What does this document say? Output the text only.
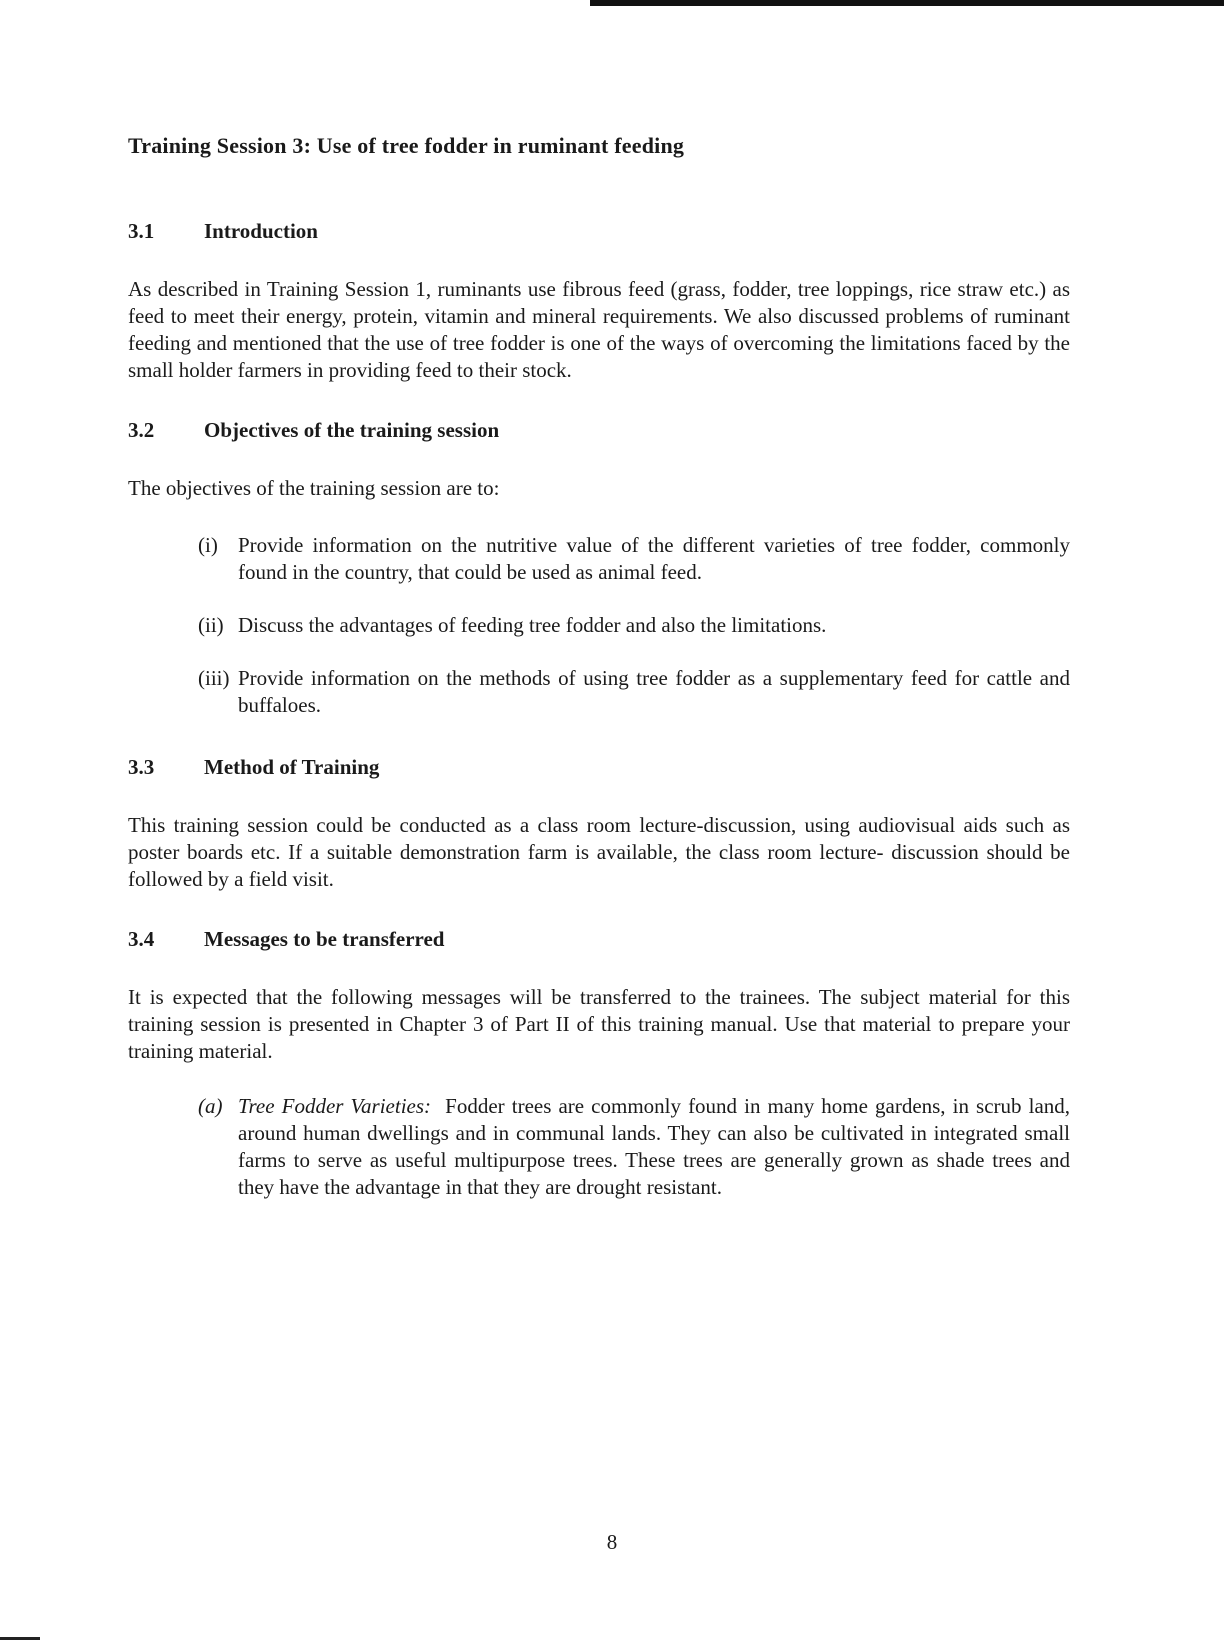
Training Session 3: Use of tree fodder in ruminant feeding
3.1	Introduction

As described in Training Session 1, ruminants use fibrous feed (grass, fodder, tree loppings, rice straw etc.) as feed to meet their energy, protein, vitamin and mineral requirements. We also discussed problems of ruminant feeding and mentioned that the use of tree fodder is one of the ways of overcoming the limitations faced by the small holder farmers in providing feed to their stock.

3.2	Objectives of the training session

The objectives of the training session are to:

(i) Provide information on the nutritive value of the different varieties of tree fodder, commonly found in the country, that could be used as animal feed.
(ii) Discuss the advantages of feeding tree fodder and also the limitations.
(iii) Provide information on the methods of using tree fodder as a supplementary feed for cattle and buffaloes.
3.3	Method of Training

This training session could be conducted as a class room lecture-discussion, using audiovisual aids such as poster boards etc. If a suitable demonstration farm is available, the class room lecture- discussion should be followed by a field visit.

3.4	Messages to be transferred

It is expected that the following messages will be transferred to the trainees. The subject material for this training session is presented in Chapter 3 of Part II of this training manual. Use that material to prepare your training material.

(a) Tree Fodder Varieties: Fodder trees are commonly found in many home gardens, in scrub land, around human dwellings and in communal lands. They can also be cultivated in integrated small farms to serve as useful multipurpose trees. These trees are generally grown as shade trees and they have the advantage in that they are drought resistant.
8
